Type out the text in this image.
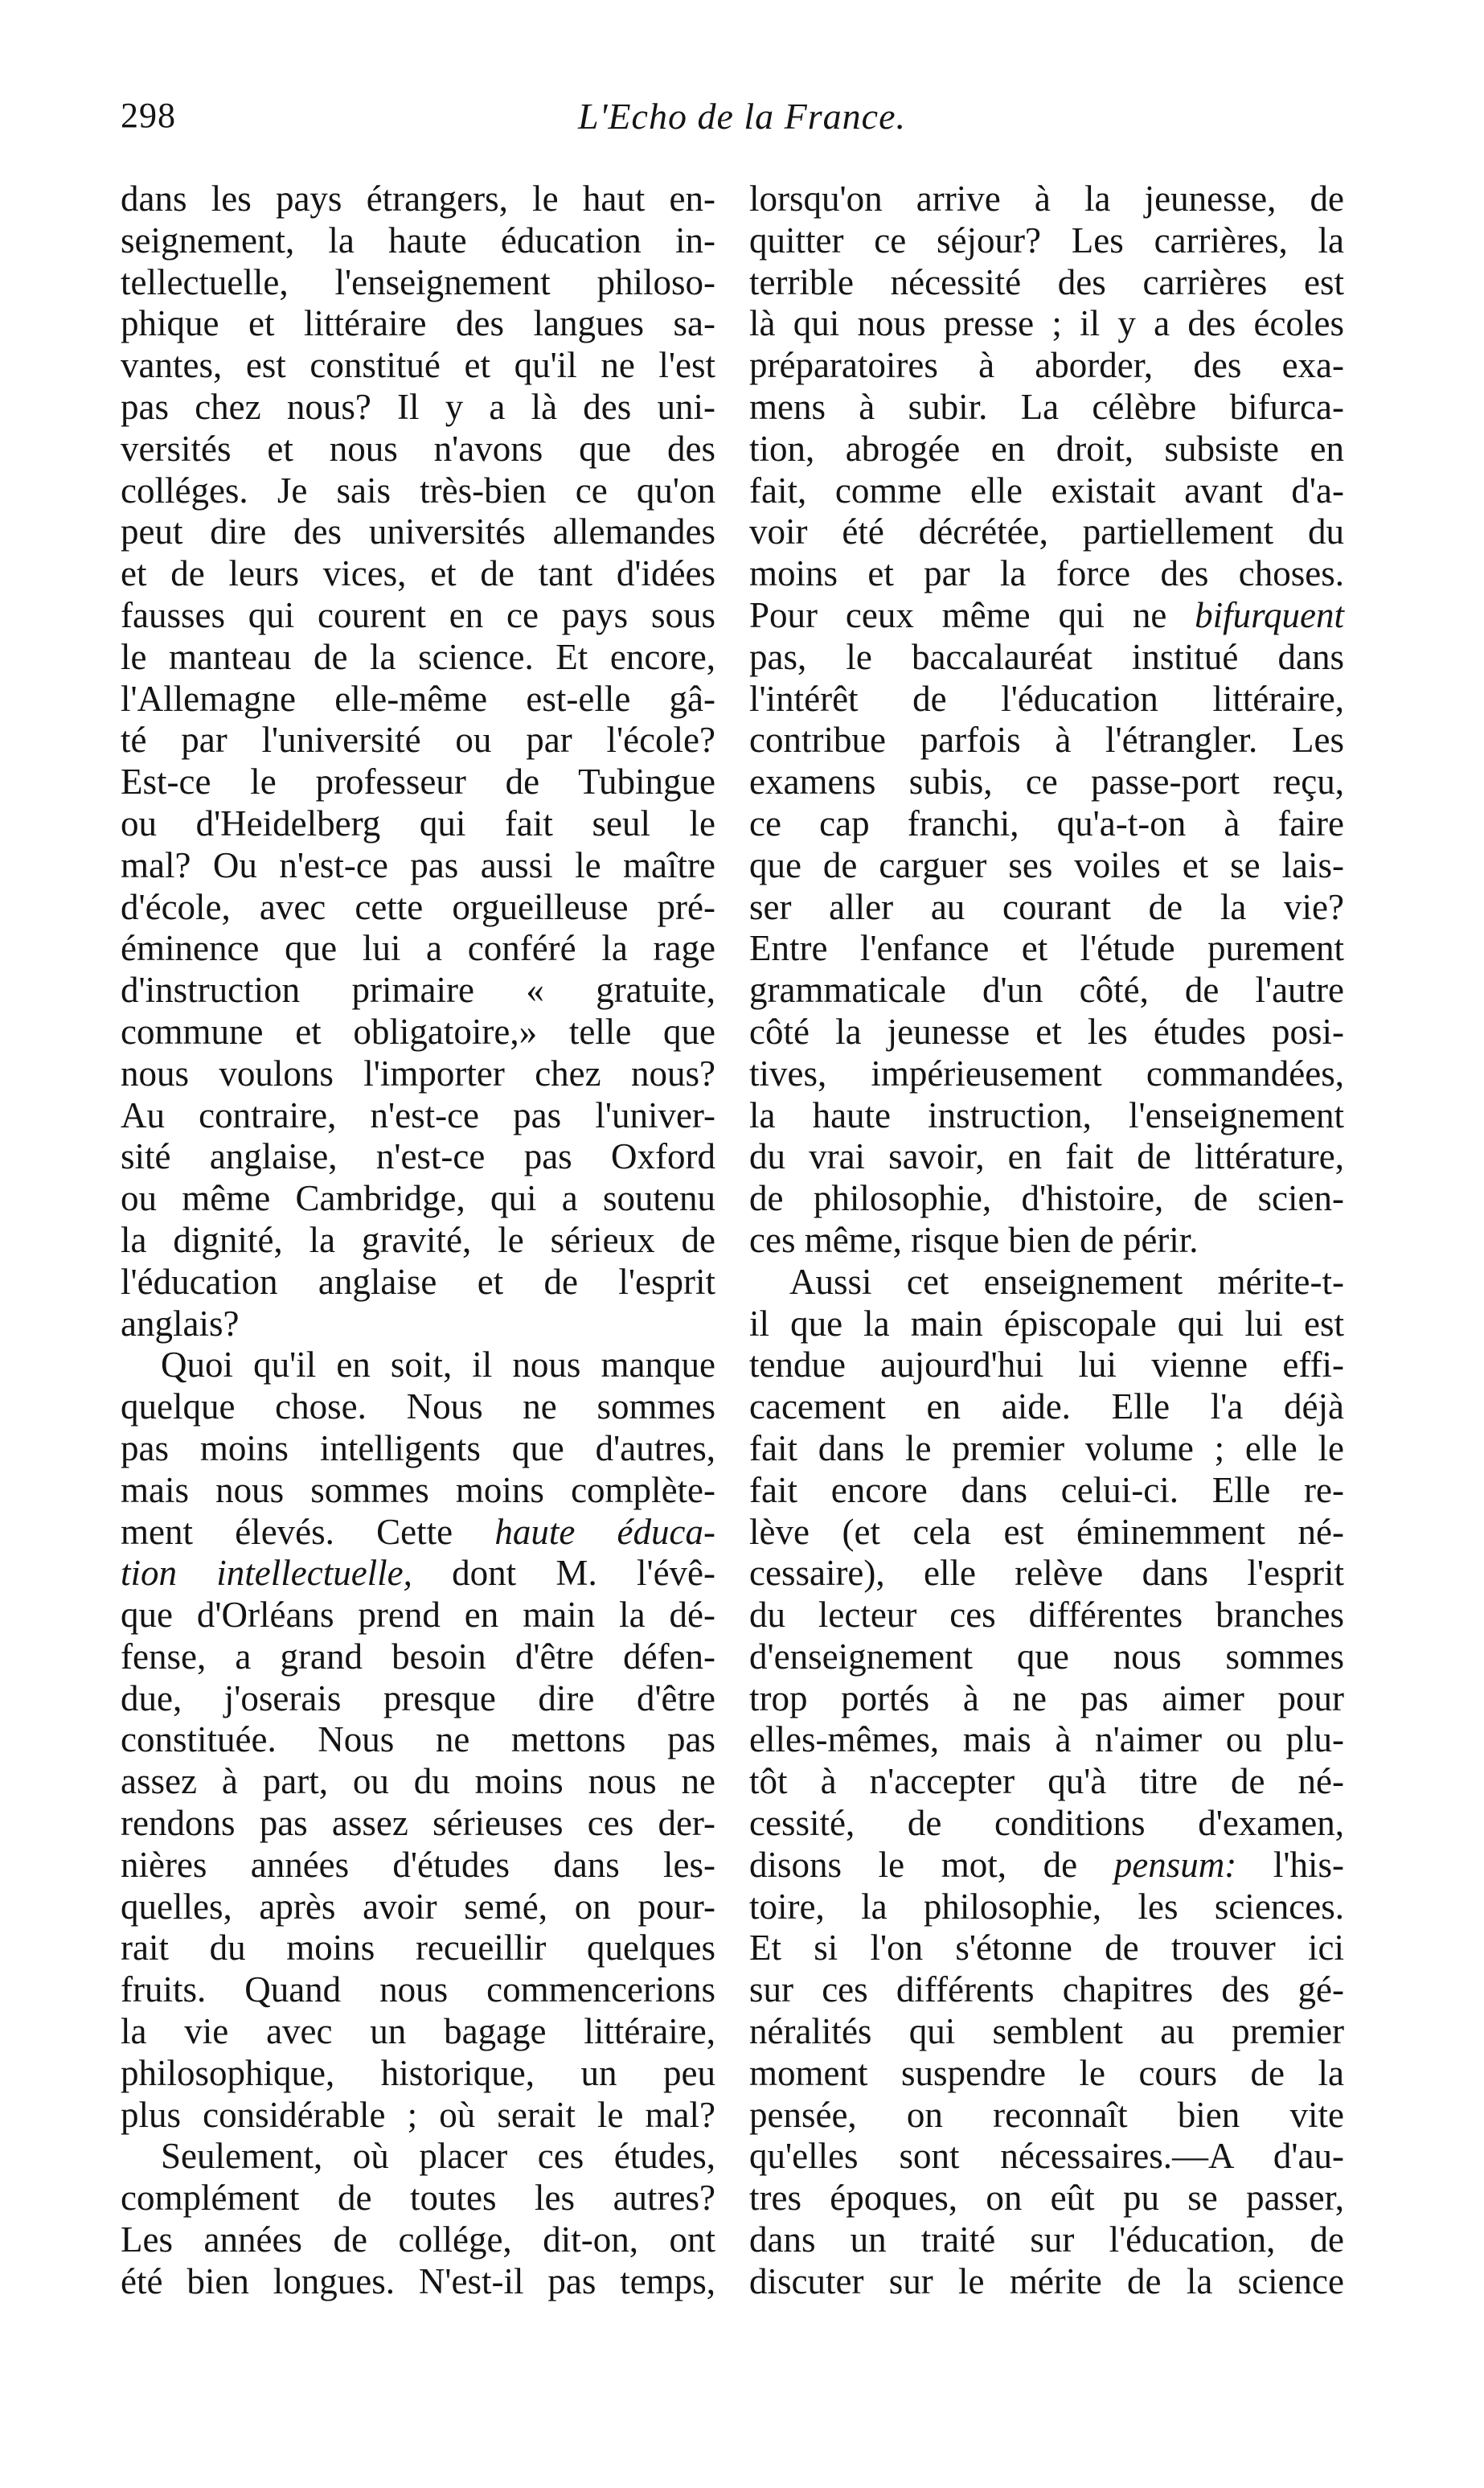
298	L'Echo de la France.
dans les pays étrangers, le haut en-
seignement, la haute éducation in-
tellectuelle, l'enseignement philoso-
phique et littéraire des langues sa-
vantes, est constitué et qu'il ne l'est
pas chez nous? Il y a là des uni-
versités et nous n'avons que des
colléges. Je sais très-bien ce qu'on
peut dire des universités allemandes
et de leurs vices, et de tant d'idées
fausses qui courent en ce pays sous
le manteau de la science. Et encore,
l'Allemagne elle-même est-elle gâ-
té par l'université ou par l'école?
Est-ce le professeur de Tubingue
ou d'Heidelberg qui fait seul le
mal? Ou n'est-ce pas aussi le maître
d'école, avec cette orgueilleuse pré-
éminence que lui a conféré la rage
d'instruction primaire « gratuite,
commune et obligatoire,» telle que
nous voulons l'importer chez nous?
Au contraire, n'est-ce pas l'univer-
sité anglaise, n'est-ce pas Oxford
ou même Cambridge, qui a soutenu
la dignité, la gravité, le sérieux de
l'éducation anglaise et de l'esprit
anglais?
Quoi qu'il en soit, il nous manque
quelque chose. Nous ne sommes
pas moins intelligents que d'autres,
mais nous sommes moins complète-
ment élevés. Cette haute éduca-
tion intellectuelle, dont M. l'évê-
que d'Orléans prend en main la dé-
fense, a grand besoin d'être défen-
due, j'oserais presque dire d'être
constituée. Nous ne mettons pas
assez à part, ou du moins nous ne
rendons pas assez sérieuses ces der-
nières années d'études dans les-
quelles, après avoir semé, on pour-
rait du moins recueillir quelques
fruits. Quand nous commencerions
la vie avec un bagage littéraire,
philosophique, historique, un peu
plus considérable ; où serait le mal?
Seulement, où placer ces études,
complément de toutes les autres?
Les années de collége, dit-on, ont
été bien longues. N'est-il pas temps,
lorsqu'on arrive à la jeunesse, de
quitter ce séjour? Les carrières, la
terrible nécessité des carrières est
là qui nous presse ; il y a des écoles
préparatoires à aborder, des exa-
mens à subir. La célèbre bifurca-
tion, abrogée en droit, subsiste en
fait, comme elle existait avant d'a-
voir été décrétée, partiellement du
moins et par la force des choses.
Pour ceux même qui ne bifurquent
pas, le baccalauréat institué dans
l'intérêt de l'éducation littéraire,
contribue parfois à l'étrangler. Les
examens subis, ce passe-port reçu,
ce cap franchi, qu'a-t-on à faire
que de carguer ses voiles et se lais-
ser aller au courant de la vie?
Entre l'enfance et l'étude purement
grammaticale d'un côté, de l'autre
côté la jeunesse et les études posi-
tives, impérieusement commandées,
la haute instruction, l'enseignement
du vrai savoir, en fait de littérature,
de philosophie, d'histoire, de scien-
ces même, risque bien de périr.
Aussi cet enseignement mérite-t-
il que la main épiscopale qui lui est
tendue aujourd'hui lui vienne effi-
cacement en aide. Elle l'a déjà
fait dans le premier volume ; elle le
fait encore dans celui-ci. Elle re-
lève (et cela est éminemment né-
cessaire), elle relève dans l'esprit
du lecteur ces différentes branches
d'enseignement que nous sommes
trop portés à ne pas aimer pour
elles-mêmes, mais à n'aimer ou plu-
tôt à n'accepter qu'à titre de né-
cessité, de conditions d'examen,
disons le mot, de pensum: l'his-
toire, la philosophie, les sciences.
Et si l'on s'étonne de trouver ici
sur ces différents chapitres des gé-
néralités qui semblent au premier
moment suspendre le cours de la
pensée, on reconnaît bien vite
qu'elles sont nécessaires.—A d'au-
tres époques, on eût pu se passer,
dans un traité sur l'éducation, de
discuter sur le mérite de la science
